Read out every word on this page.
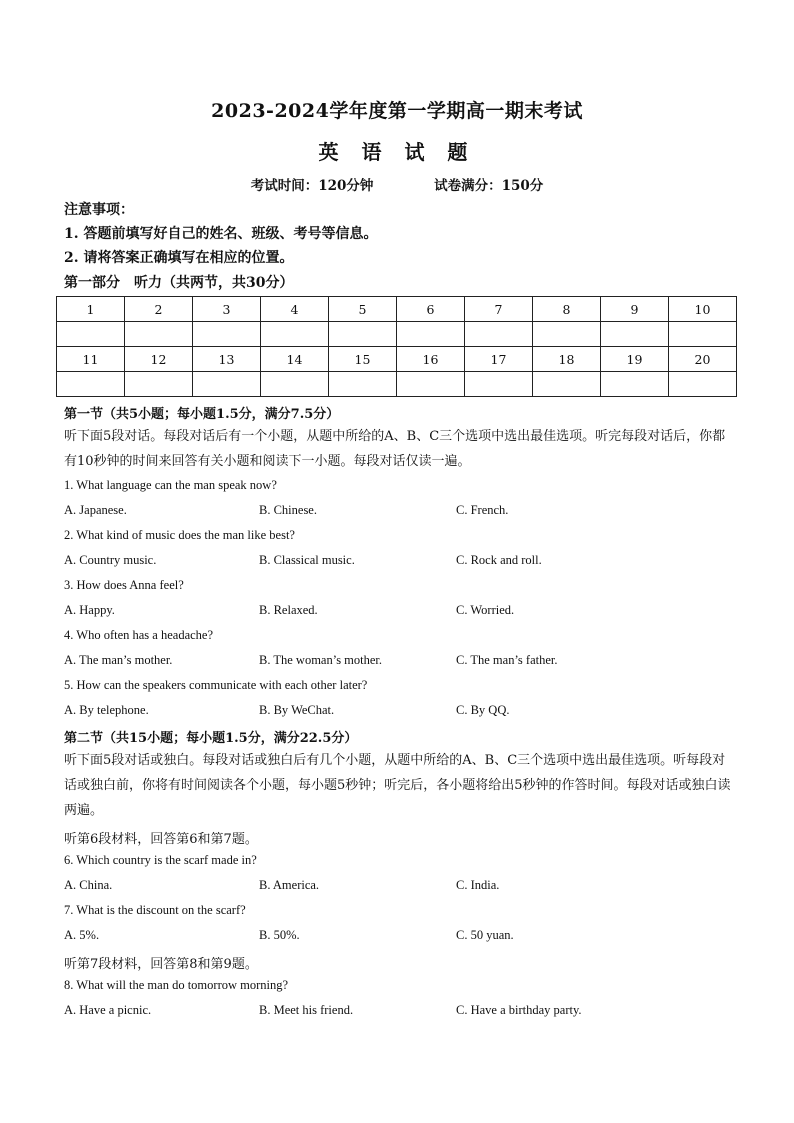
2023-2024学年度第一学期高一期末考试
英 语 试 题
考试时间：120分钟	试卷满分：150分
注意事项：
1. 答题前填写好自己的姓名、班级、考号等信息。
2. 请将答案正确填写在相应的位置。
第一部分　听力（共两节，共30分）
1	2	3	4	5	6	7	8	9	10

11	12	13	14	15	16	17	18	19	20

第一节（共5小题；每小题1.5分，满分7.5分）
听下面5段对话。每段对话后有一个小题，从题中所给的A、B、C三个选项中选出最佳选项。听完每段对话后，你都有10秒钟的时间来回答有关小题和阅读下一小题。每段对话仅读一遍。
1. What language can the man speak now?
A. Japanese.	B. Chinese.	C. French.
2. What kind of music does the man like best?
A. Country music.	B. Classical music.	C. Rock and roll.
3. How does Anna feel?
A. Happy.	B. Relaxed.	C. Worried.
4. Who often has a headache?
A. The man’s mother.	B. The woman’s mother.	C. The man’s father.
5. How can the speakers communicate with each other later?
A. By telephone.	B. By WeChat.	C. By QQ.
第二节（共15小题；每小题1.5分，满分22.5分）
听下面5段对话或独白。每段对话或独白后有几个小题，从题中所给的A、B、C三个选项中选出最佳选项。听每段对话或独白前，你将有时间阅读各个小题，每小题5秒钟；听完后，各小题将给出5秒钟的作答时间。每段对话或独白读两遍。
听第6段材料，回答第6和第7题。
6. Which country is the scarf made in?
A. China.	B. America.	C. India.
7. What is the discount on the scarf?
A. 5%.	B. 50%.	C. 50 yuan.
听第7段材料，回答第8和第9题。
8. What will the man do tomorrow morning?
A. Have a picnic.	B. Meet his friend.	C. Have a birthday party.
